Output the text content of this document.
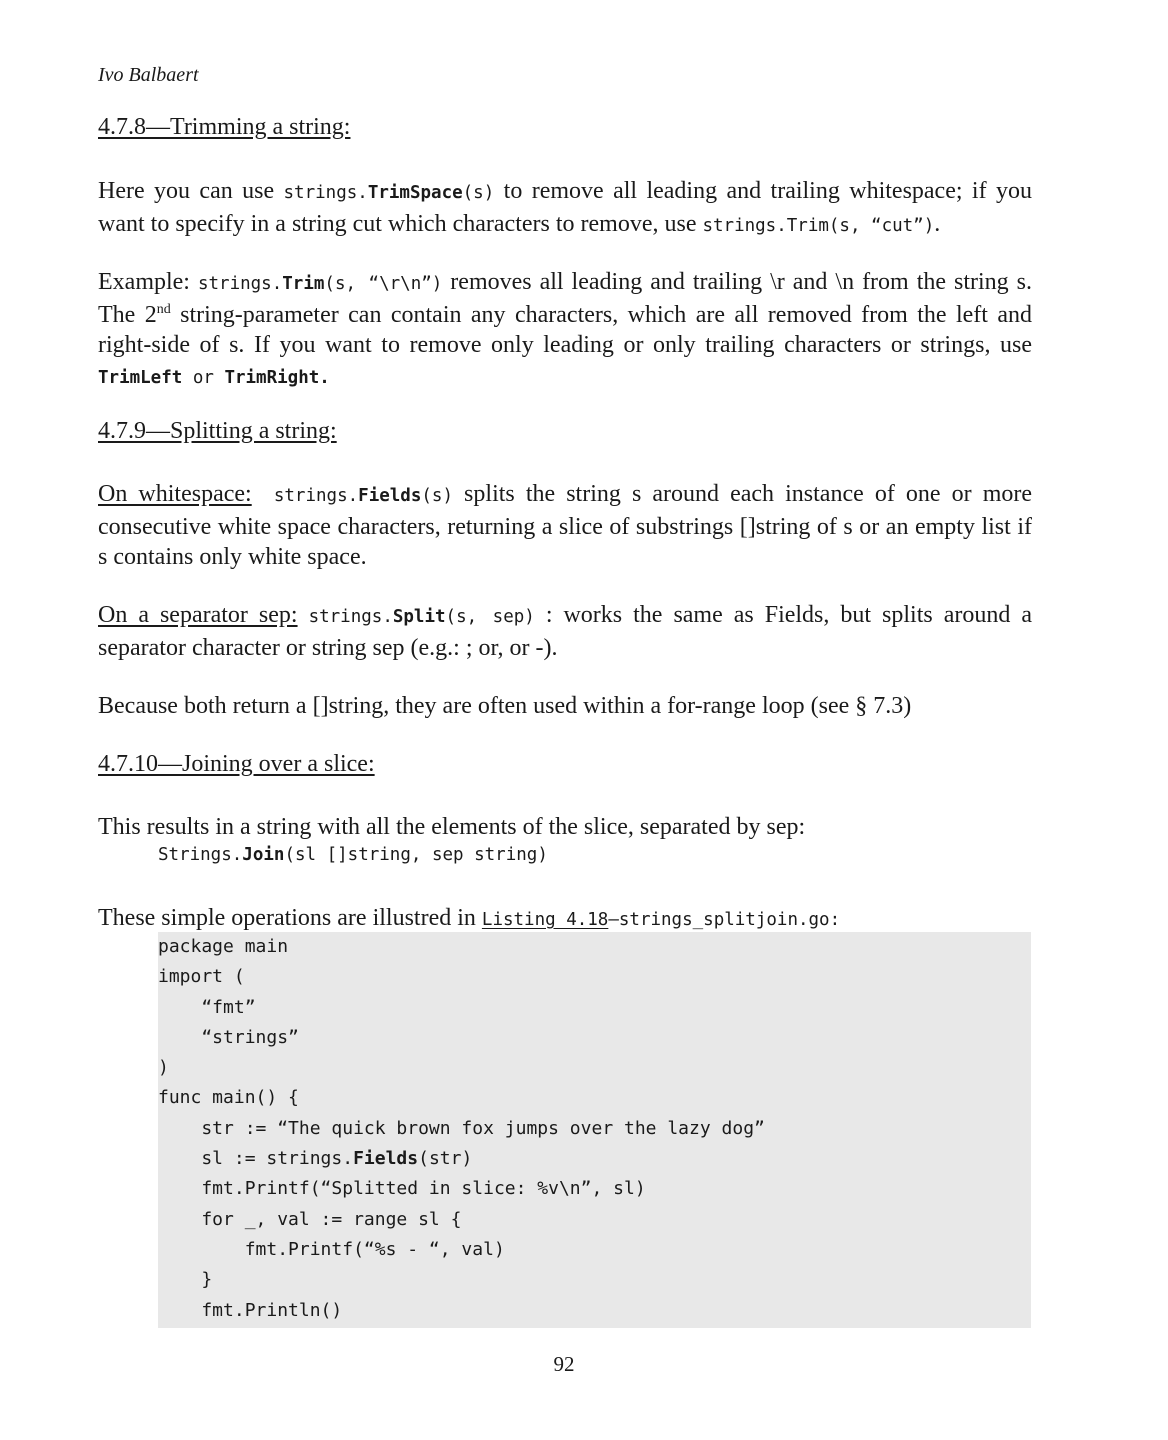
Ivo Balbaert
4.7.8—Trimming a string:

Here you can use strings.TrimSpace(s) to remove all leading and trailing whitespace; if you want to specify in a string cut which characters to remove, use strings.Trim(s, “cut”).

Example: strings.Trim(s, “\r\n”) removes all leading and trailing \r and \n from the string s. The 2nd string-parameter can contain any characters, which are all removed from the left and right-side of s. If you want to remove only leading or only trailing characters or strings, use TrimLeft or TrimRight.

4.7.9—Splitting a string:

On whitespace: strings.Fields(s) splits the string s around each instance of one or more consecutive white space characters, returning a slice of substrings []string of s or an empty list if s contains only white space.

On a separator sep: strings.Split(s, sep) : works the same as Fields, but splits around a separator character or string sep (e.g.: ; or, or -).

Because both return a []string, they are often used within a for-range loop (see § 7.3)

4.7.10—Joining over a slice:

This results in a string with all the elements of the slice, separated by sep:

Strings.Join(sl []string, sep string)

These simple operations are illustred in Listing 4.18—strings_splitjoin.go:

package main
import (
“fmt”
“strings”
)
func main() {
str := “The quick brown fox jumps over the lazy dog”
sl := strings.Fields(str)
fmt.Printf(“Splitted in slice: %v\n”, sl)
for _, val := range sl {
fmt.Printf(“%s - “, val)
}
fmt.Println()
92
